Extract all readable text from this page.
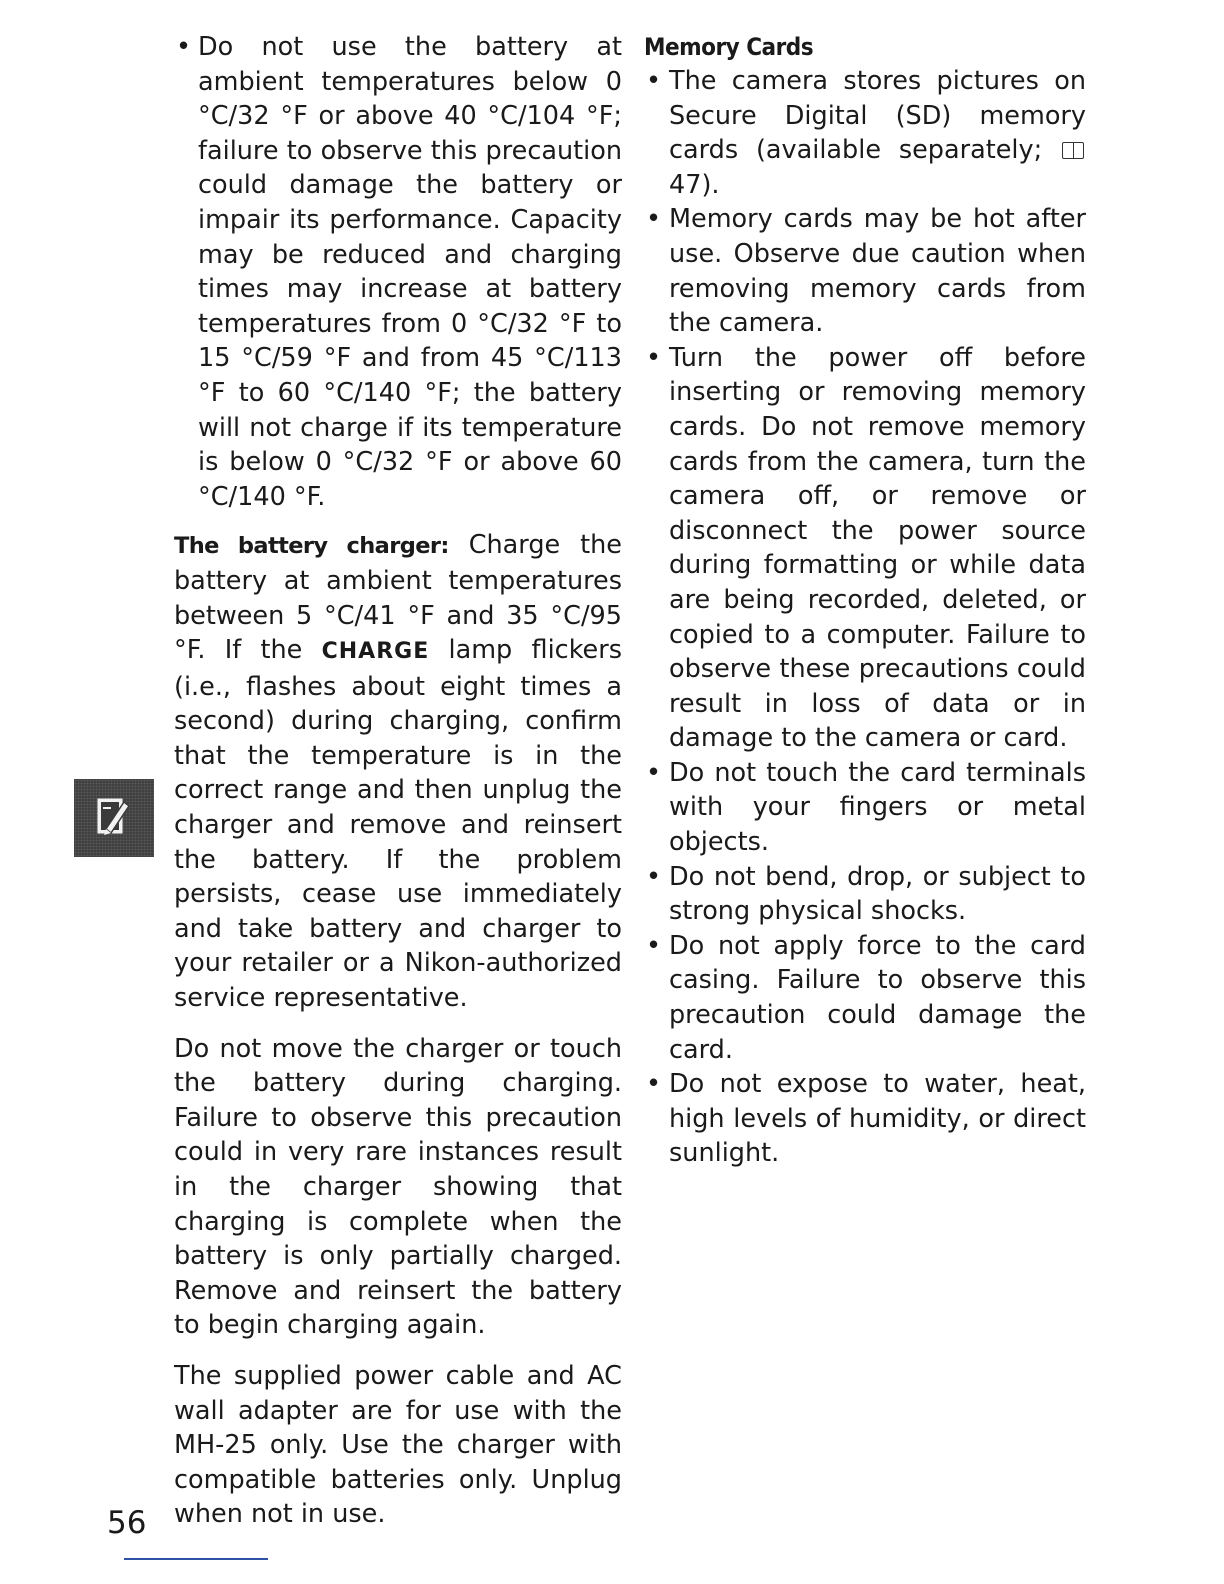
• Do not use the battery at ambient temperatures below 0 °C/32 °F or above 40 °C/104 °F; failure to observe this precaution could damage the battery or impair its performance. Capacity may be reduced and charging times may increase at battery temperatures from 0 °C/32 °F to 15 °C/59 °F and from 45 °C/113 °F to 60 °C/140 °F; the battery will not charge if its temperature is below 0 °C/32 °F or above 60 °C/140 °F.

The battery charger: Charge the battery at ambient temperatures between 5 °C/41 °F and 35 °C/95 °F. If the CHARGE lamp flickers (i.e., flashes about eight times a second) during charging, confirm that the temperature is in the correct range and then unplug the charger and remove and reinsert the battery. If the problem persists, cease use immediately and take battery and charger to your retailer or a Nikon-authorized service representative.

Do not move the charger or touch the battery during charging. Failure to observe this precaution could in very rare instances result in the charger showing that charging is complete when the battery is only partially charged. Remove and reinsert the battery to begin charging again.

The supplied power cable and AC wall adapter are for use with the MH-25 only. Use the charger with compatible batteries only. Unplug when not in use.

Memory Cards
• The camera stores pictures on Secure Digital (SD) memory cards (available separately; 47).
• Memory cards may be hot after use. Observe due caution when removing memory cards from the camera.
• Turn the power off before inserting or removing memory cards. Do not remove memory cards from the camera, turn the camera off, or remove or disconnect the power source during formatting or while data are being recorded, deleted, or copied to a computer. Failure to observe these precautions could result in loss of data or in damage to the camera or card.
• Do not touch the card terminals with your fingers or metal objects.
• Do not bend, drop, or subject to strong physical shocks.
• Do not apply force to the card casing. Failure to observe this precaution could damage the card.
• Do not expose to water, heat, high levels of humidity, or direct sunlight.
56
